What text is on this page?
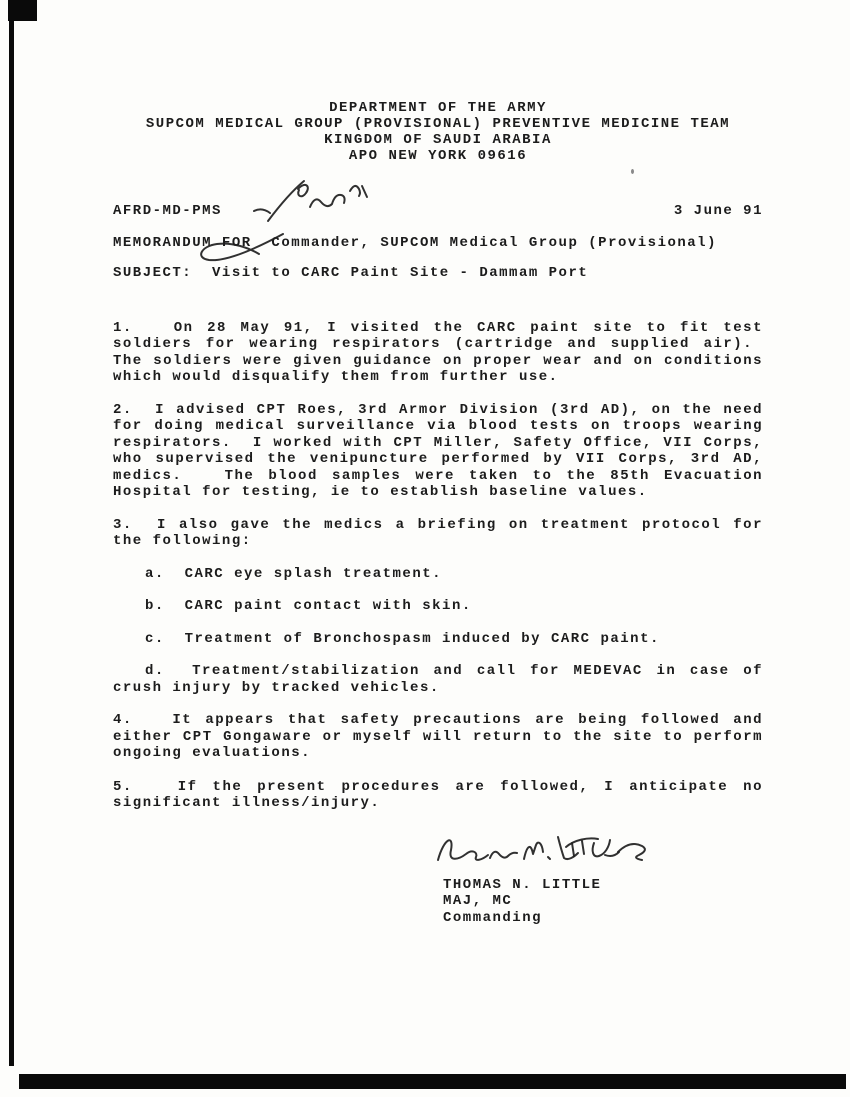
DEPARTMENT OF THE ARMY
SUPCOM MEDICAL GROUP (PROVISIONAL) PREVENTIVE MEDICINE TEAM
KINGDOM OF SAUDI ARABIA
APO NEW YORK 09616
AFRD-MD-PMS	3 June 91
MEMORANDUM FOR  Commander, SUPCOM Medical Group (Provisional)
SUBJECT:  Visit to CARC Paint Site - Dammam Port

1.   On 28 May 91, I visited the CARC paint site to fit test soldiers for wearing respirators (cartridge and supplied air).  The soldiers were given guidance on proper wear and on conditions which would disqualify them from further use.

2.  I advised CPT Roes, 3rd Armor Division (3rd AD), on the need for doing medical surveillance via blood tests on troops wearing respirators.  I worked with CPT Miller, Safety Office, VII Corps, who supervised the venipuncture performed by VII Corps, 3rd AD, medics.   The blood samples were taken to the 85th Evacuation Hospital for testing, ie to establish baseline values.

3.  I also gave the medics a briefing on treatment protocol for the following:

a.  CARC eye splash treatment.

b.  CARC paint contact with skin.

c.  Treatment of Bronchospasm induced by CARC paint.

d.  Treatment/stabilization and call for MEDEVAC in case of crush injury by tracked vehicles.

4.   It appears that safety precautions are being followed and either CPT Gongaware or myself will return to the site to perform ongoing evaluations.

5.   If the present procedures are followed, I anticipate no significant illness/injury.

THOMAS N. LITTLE
MAJ, MC
Commanding
